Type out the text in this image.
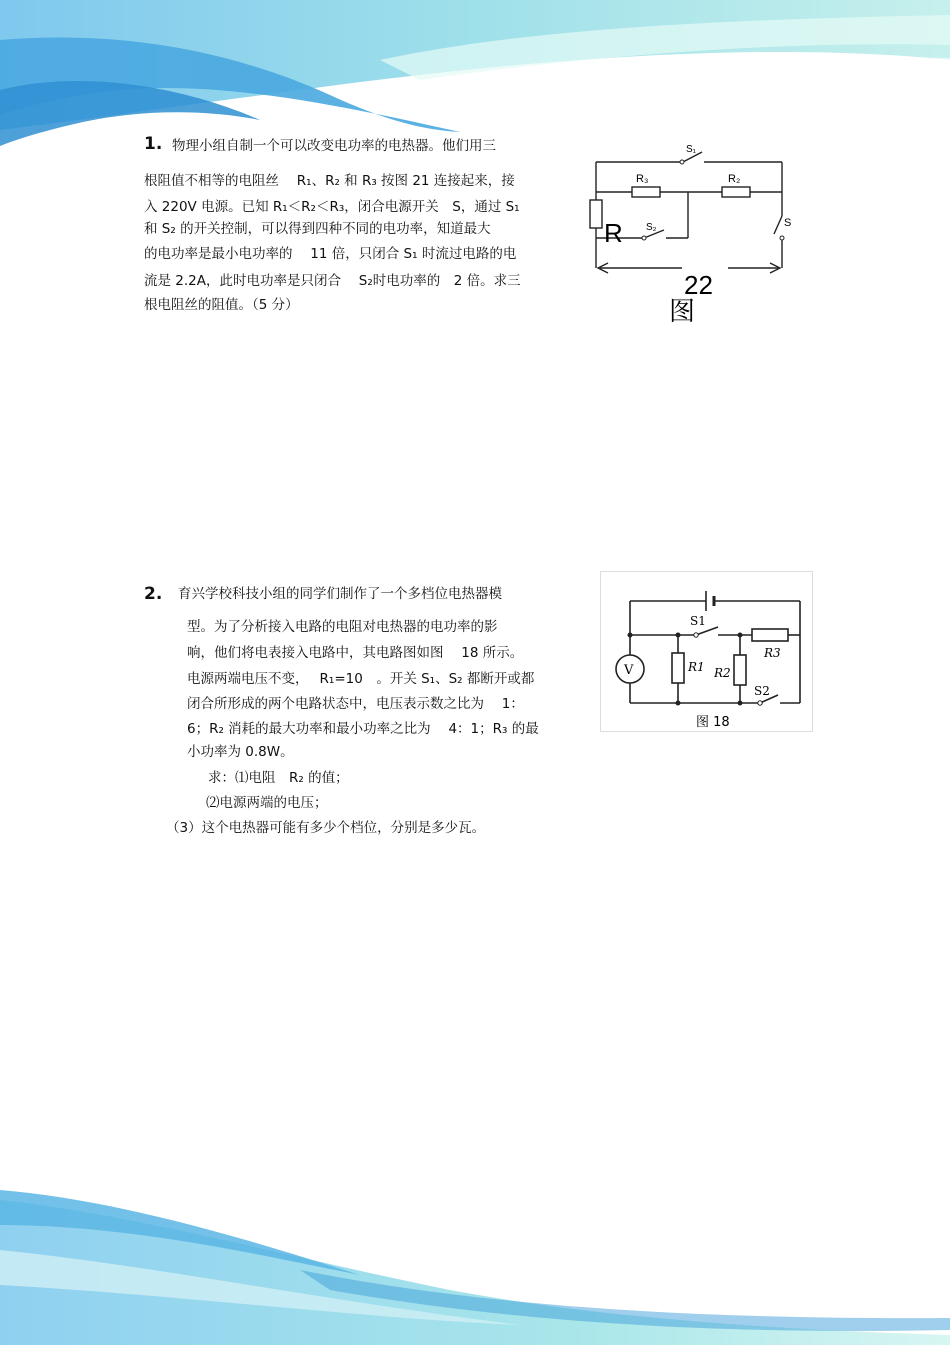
1. 物理小组自制一个可以改变电功率的电热器。他们用三
根阻值不相等的电阻丝　 R₁、R₂ 和 R₃ 按图 21 连接起来，接
入 220V 电源。已知 R₁＜R₂＜R₃，闭合电源开关　S，通过 S₁
和 S₂ 的开关控制，可以得到四种不同的电功率，知道最大
的电功率是最小电功率的　 11 倍，只闭合 S₁ 时流过电路的电
流是 2.2A，此时电功率是只闭合　 S₂时电功率的　2 倍。求三
根电阻丝的阻值。（5 分）
S₁
R₃	R₂
S₂	S
R
22
图
2. 育兴学校科技小组的同学们制作了一个多档位电热器模
型。为了分析接入电路的电阻对电热器的电功率的影
响，他们将电表接入电路中，其电路图如图　 18 所示。
电源两端电压不变，　 R₁=10　。开关 S₁、S₂ 都断开或都
闭合所形成的两个电路状态中，电压表示数之比为　 1：
6；R₂ 消耗的最大功率和最小功率之比为　 4：1；R₃ 的最
小功率为 0.8W。
求：⑴电阻　R₂ 的值；
⑵电源两端的电压；
（3）这个电热器可能有多少个档位，分别是多少瓦。
V
S1
R1 R2
R3
S2
图 18
